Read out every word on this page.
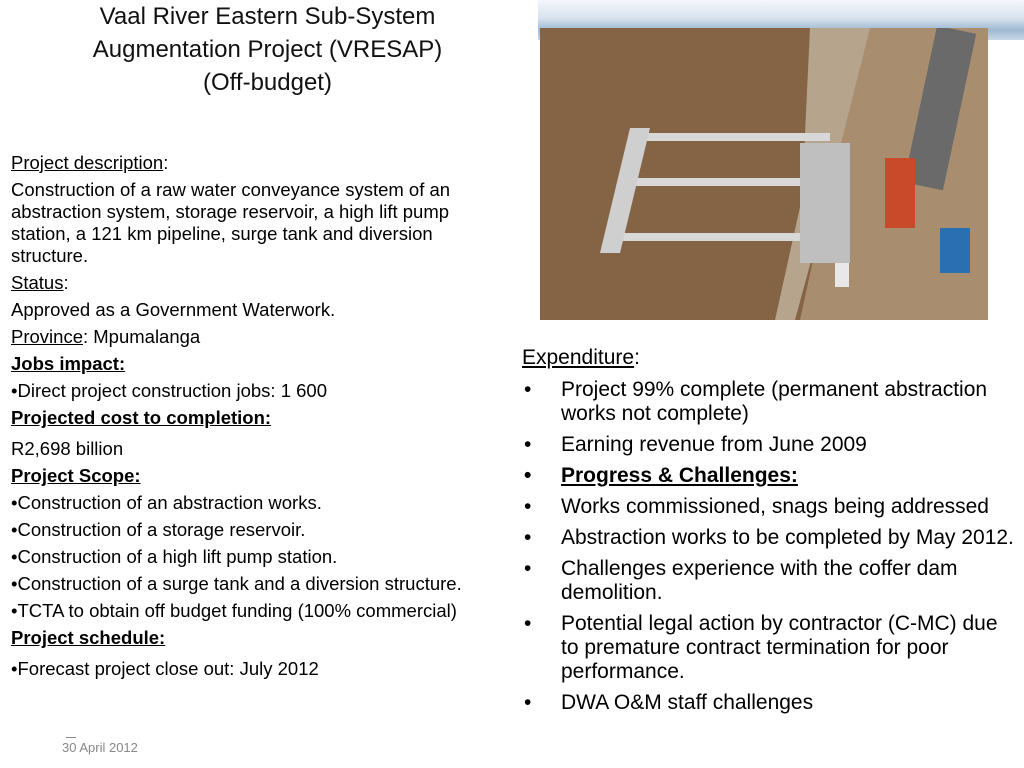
Vaal River Eastern Sub-System
Augmentation Project (VRESAP)
(Off-budget)

Project description:

Construction of a raw water conveyance system of an abstraction system, storage reservoir, a high lift pump station, a 121 km pipeline, surge tank and diversion structure.

Status:

Approved as a Government Waterwork.

Province: Mpumalanga

Jobs impact:

•Direct project construction jobs: 1 600

Projected cost to completion:

R2,698 billion

Project Scope:

•Construction of an abstraction works.

•Construction of a storage reservoir.

•Construction of a high lift pump station.

•Construction of a surge tank and a diversion structure.

•TCTA to obtain off budget funding (100% commercial)

Project schedule:

•Forecast project close out: July 2012

30 April 2012

Expenditure:

• Project 99% complete (permanent abstraction works not complete)
• Earning revenue from June 2009
• Progress & Challenges:
• Works commissioned, snags being addressed
• Abstraction works to be completed by May 2012.
• Challenges experience with the coffer dam demolition.
• Potential legal action by contractor (C-MC) due to premature contract termination for poor performance.
• DWA O&M staff challenges
